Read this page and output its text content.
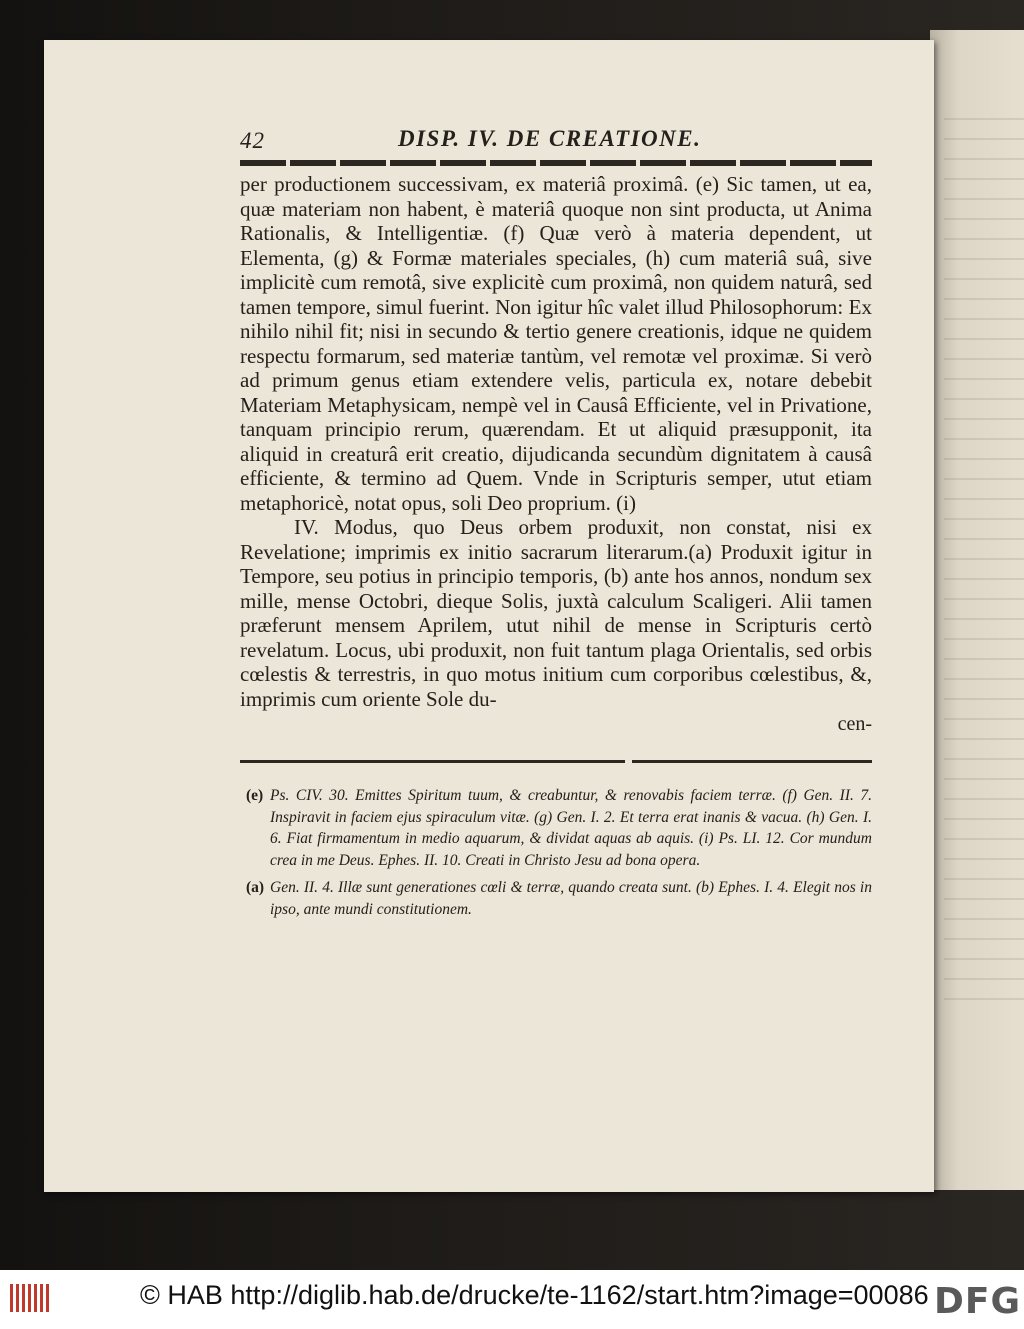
42	DISP. IV. DE CREATIONE.

per productionem successivam, ex materiâ proximâ. (e) Sic tamen, ut ea, quæ materiam non habent, è materiâ quoque non sint producta, ut Anima Rationalis, & Intelligentiæ. (f) Quæ verò à materia dependent, ut Elementa, (g) & Formæ materiales speciales, (h) cum materiâ suâ, sive implicitè cum remotâ, sive explicitè cum proximâ, non quidem naturâ, sed tamen tempore, simul fuerint. Non igitur hîc valet illud Philosophorum: Ex nihilo nihil fit; nisi in secundo & tertio genere creationis, idque ne quidem respectu formarum, sed materiæ tantùm, vel remotæ vel proximæ. Si verò ad primum genus etiam extendere velis, particula ex, notare debebit Materiam Metaphysicam, nempè vel in Causâ Efficiente, vel in Privatione, tanquam principio rerum, quærendam. Et ut aliquid præsupponit, ita aliquid in creaturâ erit creatio, dijudicanda secundùm dignitatem à causâ efficiente, & termino ad Quem. Vnde in Scripturis semper, utut etiam metaphoricè, notat opus, soli Deo proprium. (i)

IV. Modus, quo Deus orbem produxit, non constat, nisi ex Revelatione; imprimis ex initio sacrarum literarum.(a) Produxit igitur in Tempore, seu potius in principio temporis, (b) ante hos annos, nondum sex mille, mense Octobri, dieque Solis, juxtà calculum Scaligeri. Alii tamen præferunt mensem Aprilem, utut nihil de mense in Scripturis certò revelatum. Locus, ubi produxit, non fuit tantum plaga Orientalis, sed orbis cœlestis & terrestris, in quo motus initium cum corporibus cœlestibus, &, imprimis cum oriente Sole du-

cen-

(e) Ps. CIV. 30. Emittes Spiritum tuum, & creabuntur, & renovabis faciem terræ. (f) Gen. II. 7. Inspiravit in faciem ejus spiraculum vitæ. (g) Gen. I. 2. Et terra erat inanis & vacua. (h) Gen. I. 6. Fiat firmamentum in medio aquarum, & dividat aquas ab aquis. (i) Ps. LI. 12. Cor mundum crea in me Deus. Ephes. II. 10. Creati in Christo Jesu ad bona opera.

(a) Gen. II. 4. Illæ sunt generationes cœli & terræ, quando creata sunt. (b) Ephes. I. 4. Elegit nos in ipso, ante mundi constitutionem.

© HAB http://diglib.hab.de/drucke/te-1162/start.htm?image=00086 DFG
